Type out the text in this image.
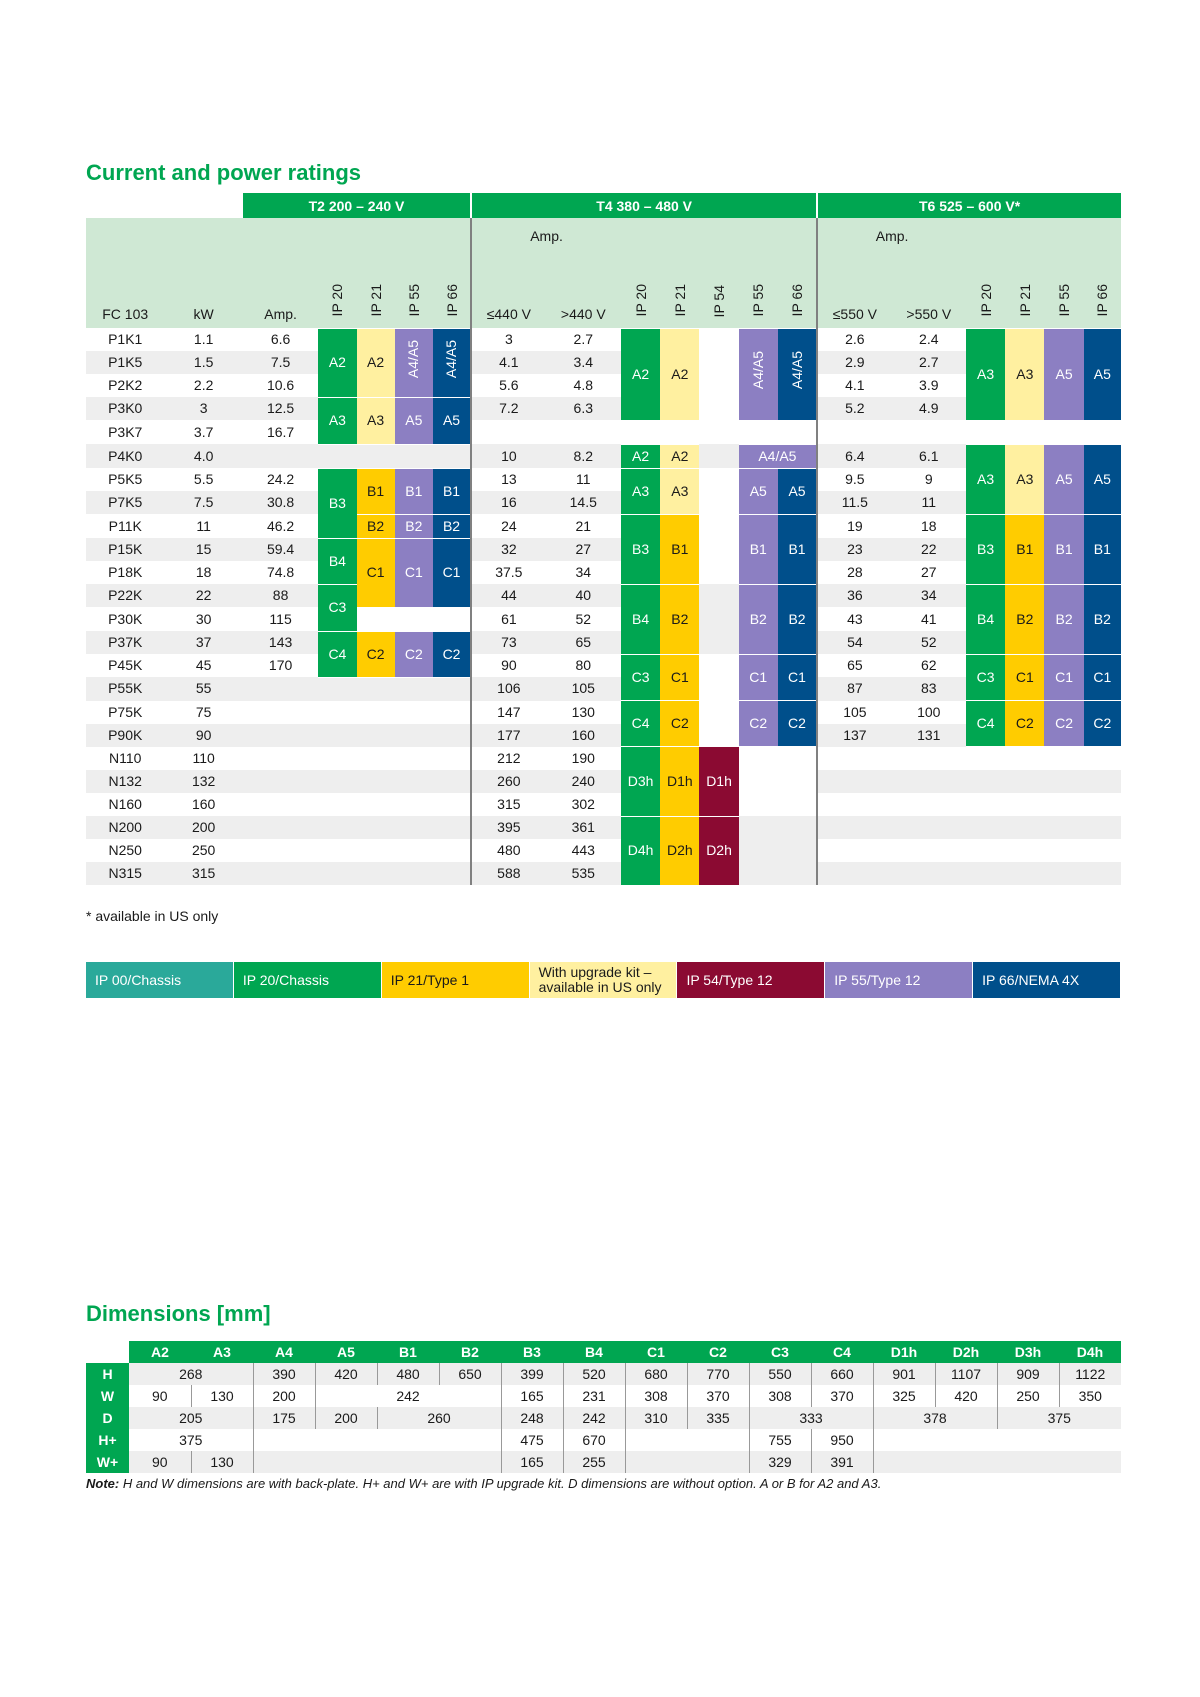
Current and power ratings
		T2 200 – 240 V					T4 380 – 480 V							T6 525 – 600 V*					
FC 103	kW	Amp.	IP 20	IP 21	IP 55	IP 66	Amp.		IP 20	IP 21	IP 54	IP 55	IP 66	Amp.		IP 20	IP 21	IP 55	IP 66
							≤440 V	>440 V						≤550 V	>550 V				
P1K1	1.1	6.6	A2	A2	A4/A5	A4/A5	3	2.7	A2	A2		A4/A5	A4/A5	2.6	2.4	A3	A3	A5	A5
P1K5	1.5	7.5					4.1	3.4						2.9	2.7				
P2K2	2.2	10.6					5.6	4.8						4.1	3.9				
P3K0	3	12.5	A3	A3	A5	A5	7.2	6.3						5.2	4.9				
P3K7	3.7	16.7																	
P4K0	4.0						10	8.2	A2	A2		A4/A5		6.4	6.1	A3	A3	A5	A5
P5K5	5.5	24.2	B3	B1	B1	B1	13	11	A3	A3		A5	A5	9.5	9				
P7K5	7.5	30.8					16	14.5						11.5	11				
P11K	11	46.2		B2	B2	B2	24	21	B3	B1		B1	B1	19	18	B3	B1	B1	B1
P15K	15	59.4	B4	C1	C1	C1	32	27						23	22				
P18K	18	74.8					37.5	34						28	27				
P22K	22	88	C3				44	40	B4	B2		B2	B2	36	34	B4	B2	B2	B2
P30K	30	115					61	52						43	41				
P37K	37	143	C4	C2	C2	C2	73	65						54	52				
P45K	45	170					90	80	C3	C1		C1	C1	65	62	C3	C1	C1	C1
P55K	55						106	105						87	83				
P75K	75						147	130	C4	C2		C2	C2	105	100	C4	C2	C2	C2
P90K	90						177	160						137	131				
N110	110						212	190	D3h	D1h	D1h								
N132	132						260	240											
N160	160						315	302											
N200	200						395	361	D4h	D2h	D2h								
N250	250						480	443											
N315	315						588	535											
* available in US only
IP 00/Chassis	IP 20/Chassis	IP 21/Type 1	With upgrade kit – available in US only	IP 54/Type 12	IP 55/Type 12	IP 66/NEMA 4X
Dimensions [mm]
	A2	A3	A4	A5	B1	B2	B3	B4	C1	C2	C3	C4	D1h	D2h	D3h	D4h
H	268		390	420	480	650	399	520	680	770	550	660	901	1107	909	1122
W	90	130	200	242			165	231	308	370	308	370	325	420	250	350
D	205		175	200	260		248	242	310	335	333		378		375	
H+	375						475	670			755	950				
W+	90	130					165	255			329	391				
Note: H and W dimensions are with back-plate. H+ and W+ are with IP upgrade kit. D dimensions are without option. A or B for A2 and A3.
